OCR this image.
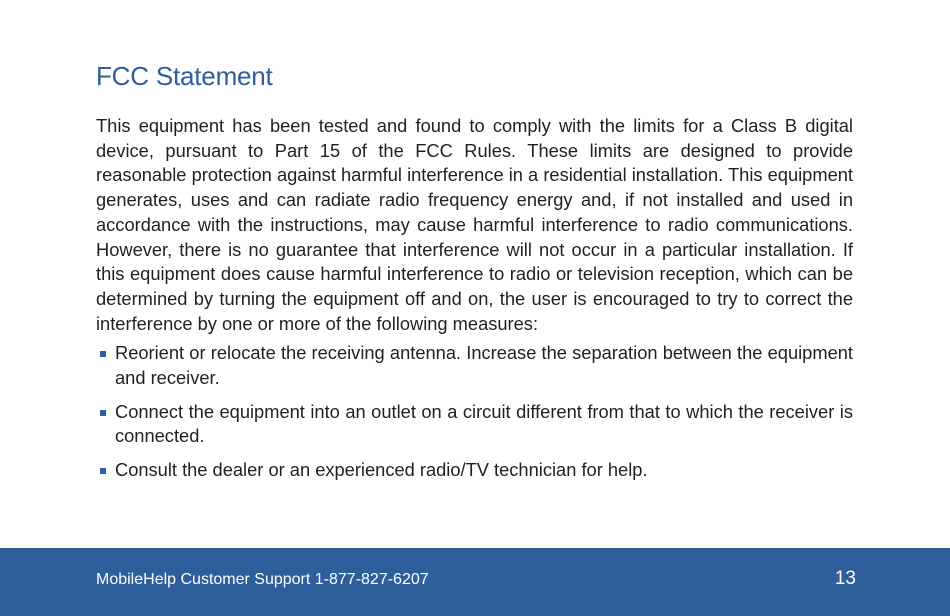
FCC Statement

This equipment has been tested and found to comply with the limits for a Class B digital device, pursuant to Part 15 of the FCC Rules. These limits are designed to provide reasonable protection against harmful interference in a residential installation. This equipment generates, uses and can radiate radio frequency energy and, if not installed and used in accordance with the instructions, may cause harmful interference to radio communications. However, there is no guarantee that interference will not occur in a particular installation. If this equipment does cause harmful interference to radio or television reception, which can be determined by turning the equipment off and on, the user is encouraged to try to correct the interference by one or more of the following measures:

Reorient or relocate the receiving antenna. Increase the separation between the equipment and receiver.
Connect the equipment into an outlet on a circuit different from that to which the receiver is connected.
Consult the dealer or an experienced radio/TV technician for help.
MobileHelp Customer Support 1-877-827-6207	13
